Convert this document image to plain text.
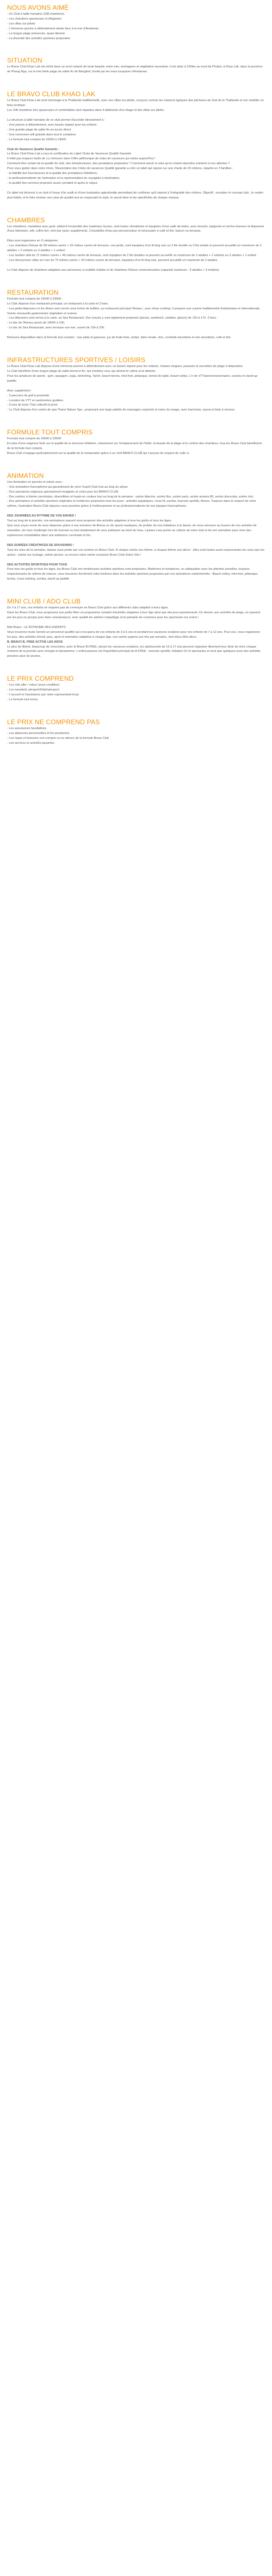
NOUS AVONS AIMÉ

- Un Club à taille humaine (108 chambres)

- Les chambres spacieuses et élégantes

- Les villas sur pilotis

- L'immense piscine à débordement située face à la mer d'Andaman

- La longue plage préservée, quasi déserte

- La diversité des activités sportives proposées

SITUATION

Le Bravo Club Khao Lak est niché dans un écrin naturel de toute beauté, entre mer, montagnes et végétation luxuriante. Il est situé à 100km au nord de Phuket, à Khao Lak, dans la province de Phang Nga, sur la très belle plage de sable fin de Bangliud, bordé par les eaux turquoise d'Andaman.

LE BRAVO CLUB KHAO LAK

Le Bravo Club Khao Lak rend hommage à la Thaïlande traditionnelle, avec ses villas sur pilotis, conçues comme les maisons typiques des pêcheurs du Sud de la Thaïlande et son mobilier en bois exotique.

Les 108 chambres très spacieuses et confortables sont réparties dans 4 bâtiments d'un étage et des villas sur pilotis.

La structure à taille humaine de ce club permet d'accéder directement à :

- Une piscine à débordement, avec bassin séparé pour les enfants

- Une grande plage de sable fin en accès direct

- Une connexion wifi gratuite dans tout le complexe

- La formule tout compris de 10h00 à 23h00

Club de Vacances Qualité Garantie :

Le Bravo Club Khao Lak a reçu la certification du Label Clubs de Vacances Qualité Garantie

Il initié pas toujours facile de s'y retrouver dans l'offre pléthorique de clubs de vacances qui existe aujourd'hui !

Comment être certain de la qualité du club, des infrastructures, des prestations proposées ? Comment savoir si celui qu'on choisit répondra vraiment à nos attentes ?

Pour vous guider dans votre choix, l'Association des Clubs de vacances Qualité garantie a créé un label qui repose sur une charte de 20 critères, répartis en 3 familles :

- la fiabilité des fournisseurs et la qualité des prestations hôtelières,

- le professionnalisme de l'animation et la représentation du voyagiste à destination,

- la qualité des services proposés avant, pendant et après le séjour.

Ce label est décerné à un club à l'issue d'un audit et d'une évaluation approfondie permettant de confirmer qu'il répond à l'intégralité des critères. Objectif : encadrer le concept club , le rendre plus lisible, et le faire évoluer vers plus de qualité tout en respectant le style, le savoir-faire et les spécificités de chaque marque.

CHAMBRES

Les chambres, meublées avec goût, utilisent l'ensemble des matériaux locaux, sont toutes climatisées et équipées d'une salle de bains, avec douche, baignoire et sèche-cheveux et disposent d'une télévision, wifi, coffre-fort, mini-bar (avec supplément), 2 bouteilles d'eau par personne/jour et nécessaire à café et thé, balcon ou terrasse.

Elles sont organisées en 3 catégories :

- Les chambres Deluxe de 58 mètres carrés + 15 mètres carrés de terrasse, vue jardin, sont équipées d'un lit king size ou 2 lits double ou 3 lits simple et peuvent accueillir un maximum de 2 adultes + 2 enfants ou 3 adultes + 1 enfant.

- Les Garden villa de 72 mètres carrés + 46 mètres carrés de terrasse, sont équipées de 2 lits doubles et peuvent accueillir un maximum de 2 adultes + 2 enfants ou 3 adultes + 1 enfant.

- Les Honeymoon villas sur mer de 70 mètres carrés + 20 mètres carrés de terrasse, équipées d'un lit king size, peuvent accueillir un maximum de 2 adultes.

Le Club dispose de chambres adaptées aux personnes à mobilité réduite et de chambres Deluxe communicantes (capacité maximum : 4 adultes + 4 enfants).

RESTAURATION

Formule tout compris de 10h00 à 23h00 :

Le Club dispose d'un restaurant principal, un restaurant à la carte et 2 bars.

- Les petits-déjeuners et les dîners sont servis sous forme de buffets, au restaurant principal l'Amara ; avec show cooking. Il propose une cuisine traditionnelle thaïlandaise et internationale. Soirée mensuelle gastronomie végétalien et scènes.

- Les déjeuners sont servis à la carte, au Sea Restaurant. Des snacks y sont également proposés (pizzas, sandwich, salades, glaces) de 12h à 17h. 2 bars :

- Le bar de l'Amara ouvert de 10h00 à 23h.

- Le bar du Sea Restaurant, avec terrasse vue mer, ouvert de 10h à 23h.

Boissons disponibles dans la formule tout compris : eau plate et gazeuse, jus de fruits frais, sodas, bière locale, vins, cocktails alcoolisés et non alcoolisés, café et thé.

INFRASTRUCTURES SPORTIVES / LOISIRS

Le Bravo Club Khao Lak dispose d'une immense piscine à débordement avec un bassin séparé pour les enfants, chaises longues, parasols et serviettes de plage à disposition.

Le Club bénéficie d'une longue plage de sable blond et fin, qui combine ceux qui aiment le calme et la détente.

Pour les amateurs de sports : gym, aquagym, yoga, stretching, Taïchi, beach-tennis, mini-foot, pétanque, tennis de table, beach-volley, 1 h de VTT/personne/semaine, canoës et stand-up paddle.

Avec supplément :

- 3 parcours de golf à proximité.

- Location de VTT et randonnées guidées.

- Cours de boxe Thaï collectif et privé.

- Le Club dispose d'un centre de spa Thann Nature Spa , proposant une large palette de massages corporels et soins du visage, avec hammam, sauna et bain à remous.

FORMULE TOUT COMPRIS

Formule tout compris de 10h00 à 23h00

En plus d'une exigence forte sur la qualité de la structure hôtelière, notamment sur l'emplacement de l'hôtel, la beauté de la plage et le confort des chambres, tous les Bravo Club bénéficient de la formule tout compris.

Bravo Club s'engage particulièrement sur la qualité de la restauration grâce à un chef BRAVO CLUB qui s'assure du respect de celle-ci.

ANIMATION

Une Animation en journée et soirée avec :

- Une animatrice francophone qui garantissent de vivre l'esprit Club tout au long du séjour.

- Des spectacles originaux spécialement imaginés et créés pour les BRAVO CLUB.

- Des soirées à thème conviviales, diversifiées et haute en couleur tout au long de la semaine : soirée blanche, soirée flou, soirée paris, soirée années 80, soirée disco/ska, soirée chic.

- Des animations et activités sportives originales et modernes proposées tous les jours : activités aquatiques, cross fit, zumba, tournois sportifs, fitness. Toujours dans le respect de votre rythme, l'animation Bravo Club rigoureu vous journées grâce à l'enthousiasme et au professionnalisme de nos équipes francophones.

DES JOURNÉES AU RYTHME DE VOS ENVIES !

Tout au long de la journée, nos animateurs sauront vous proposer des activités adaptées à tous les goûts et tous les âges.

Que vous soyez envie de vous dépenser grâce à nos sessions de fitness ou de sports nautiques, de profiter de nos initiations à la danse, de vous retrouver au travers de nos activités de relaxation, de vous challenger lors de tournois ou tout simplement de vous prélasser au bord de l'eau. Laissez vous porter au rythme de votre club et de son animation pour vivre des expériences inoubliables dans une ambiance conviviale et fun.

DES SOIRÉES CRÉATRICES DE SOUVENIRS !

Tous les soirs de la semaine, laissez vous porter par vos soirées en Bravo Club. À chaque soirée son thème, à chaque thème son décor : elles sont toutes aussi surprenantes les unes que les autres : soirée sur la plage, soirée piscine, ou encore notre soirée exclusive Bravo Club Dolce Vita !

DES ACTIVITÉS SPORTIVES POUR TOUS

Pour tous les goûts et tous les âges, les Bravo Club ont nombreuses activités sportives sont proposées. Modernes et tendances, en adéquation avec les attentes actuelles, toujours respectueuses du rythme de chacun, vous trouverez forcément votre bonheur dans les activités sportives proposées par nos animateurs expérimentés : Beach-volley, mini-foot, pétanque, tennis, cross training, zumba, stand up paddle

MINI CLUB / ADO CLUB

De 3 à 17 ans, vos enfants ne risquent pas de s'ennuyer en Bravo Club grâce aux différents clubs adaptés à leurs âges.

Dans les Bravo Club, nous proposons aux petits fêtes un programme complet d'activités adaptées à leur âge ainsi que des jeux passionnants. Du dessin, aux activités de plage, en passant par les jeux en groupe pour faire connaissance, avec qualité les ateliers maquillage et la panoplie de costumes pour les spectacles sur scène !

Mini Bravo : LE ROYAUME DES ENFANTS

Vous trouverez toute l'année un personnel qualifié qui s'occupera de vos enfants de 3 à 6 ans et pendant les vacances scolaires pour vos enfants de 7 à 12 ans. Pour eux, nous organisons les jeux, des activités d'éveil, jeux, sport et animation adaptées à chaque âge, une soirée pyjama une fois par semaine, mini disco Mini disco.

B. BRAVO B. FREE ACTIVE LES ADOS

Le plus de liberté, beaucoup de rencontres, avec le Bravo B.FREE, durant les vacances scolaires, les adolescents de 13 à 17 ans peuvent organiser librement leur désir de vivre chaque moment de la journée avec énergie et dynamisme. L'enthousiasme est l'ingrédient principal du B.FREE : tournois sportifs, initiation DJ et spectacles et sont que quelques-unes des activités pensées pour les jeunes.

LE PRIX COMPREND

- Les vols aller / retour (sous condition)

- Les transferts aéroport/hôtel/aéroport

- L'accueil et l'assistance par notre représentant local

- La formule tout inclus

LE PRIX NE COMPREND PAS

- Les assurances facultatives

- Les dépenses personnelles et les pourboires

- Les repas et boissons non compris ou en dehors de la formule Bravo Club

- Les services et activités payantes
